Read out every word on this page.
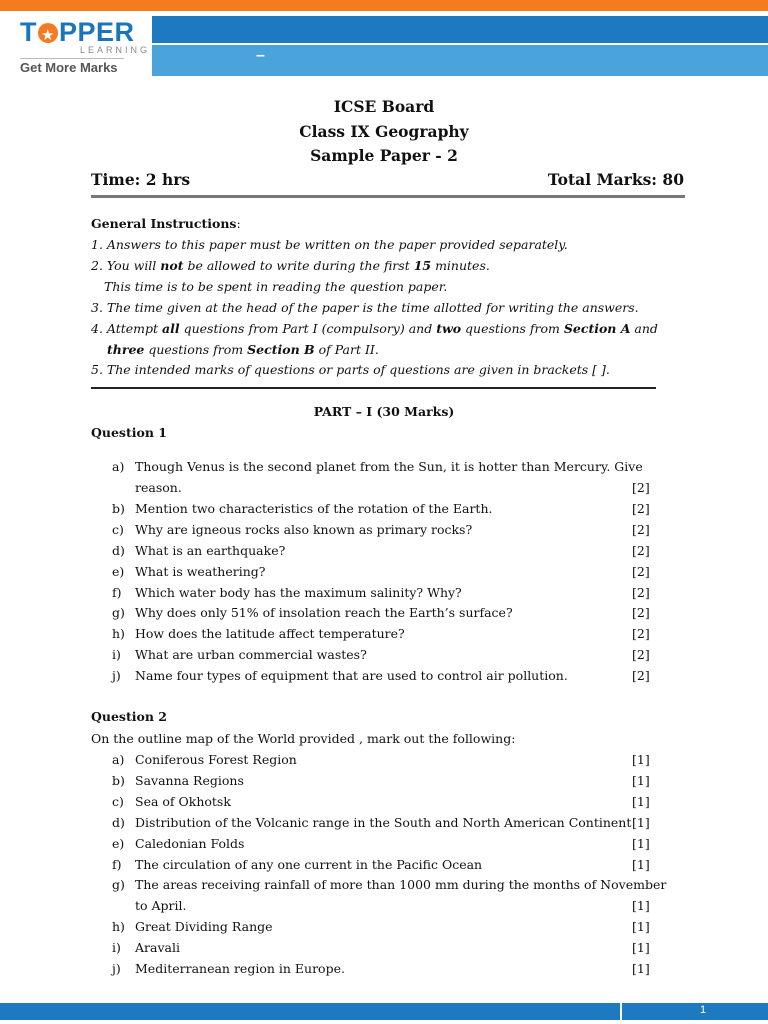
–
T★ PPER
LEARNING
Get More Marks
ICSE Board
Class IX Geography
Sample Paper - 2
Time: 2 hrs	Total Marks: 80
General Instructions:
1. Answers to this paper must be written on the paper provided separately.
2. You will not be allowed to write during the first 15 minutes.
This time is to be spent in reading the question paper.
3. The time given at the head of the paper is the time allotted for writing the answers.
4. Attempt all questions from Part I (compulsory) and two questions from Section A and
three questions from Section B of Part II.
5. The intended marks of questions or parts of questions are given in brackets [ ].
PART – I (30 Marks)
Question 1
a) Though Venus is the second planet from the Sun, it is hotter than Mercury. Give
reason.	[2]
b) Mention two characteristics of the rotation of the Earth.	[2]
c) Why are igneous rocks also known as primary rocks?	[2]
d) What is an earthquake?	[2]
e) What is weathering?	[2]
f) Which water body has the maximum salinity? Why?	[2]
g) Why does only 51% of insolation reach the Earth’s surface?	[2]
h) How does the latitude affect temperature?	[2]
i) What are urban commercial wastes?	[2]
j) Name four types of equipment that are used to control air pollution.	[2]
Question 2
On the outline map of the World provided , mark out the following:
a) Coniferous Forest Region	[1]
b) Savanna Regions	[1]
c) Sea of Okhotsk	[1]
d) Distribution of the Volcanic range in the South and North American Continent [1]
e) Caledonian Folds	[1]
f) The circulation of any one current in the Pacific Ocean	[1]
g) The areas receiving rainfall of more than 1000 mm during the months of November
to April.	[1]
h) Great Dividing Range	[1]
i) Aravali	[1]
j) Mediterranean region in Europe.	[1]
1
